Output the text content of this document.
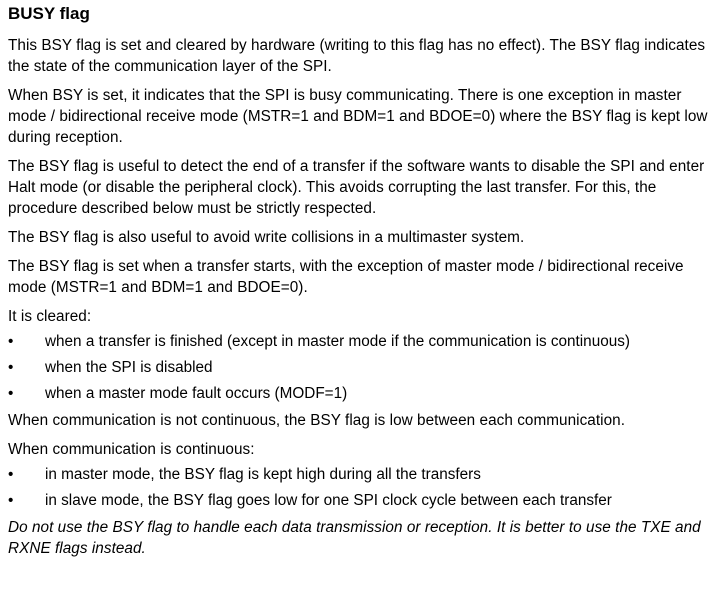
BUSY flag

This BSY flag is set and cleared by hardware (writing to this flag has no effect). The BSY flag indicates the state of the communication layer of the SPI.

When BSY is set, it indicates that the SPI is busy communicating. There is one exception in master mode / bidirectional receive mode (MSTR=1 and BDM=1 and BDOE=0) where the BSY flag is kept low during reception.

The BSY flag is useful to detect the end of a transfer if the software wants to disable the SPI and enter Halt mode (or disable the peripheral clock). This avoids corrupting the last transfer. For this, the procedure described below must be strictly respected.

The BSY flag is also useful to avoid write collisions in a multimaster system.

The BSY flag is set when a transfer starts, with the exception of master mode / bidirectional receive mode (MSTR=1 and BDM=1 and BDOE=0).

It is cleared:

• when a transfer is finished (except in master mode if the communication is continuous)
• when the SPI is disabled
• when a master mode fault occurs (MODF=1)

When communication is not continuous, the BSY flag is low between each communication.

When communication is continuous:

• in master mode, the BSY flag is kept high during all the transfers
• in slave mode, the BSY flag goes low for one SPI clock cycle between each transfer

Do not use the BSY flag to handle each data transmission or reception. It is better to use the TXE and RXNE flags instead.
